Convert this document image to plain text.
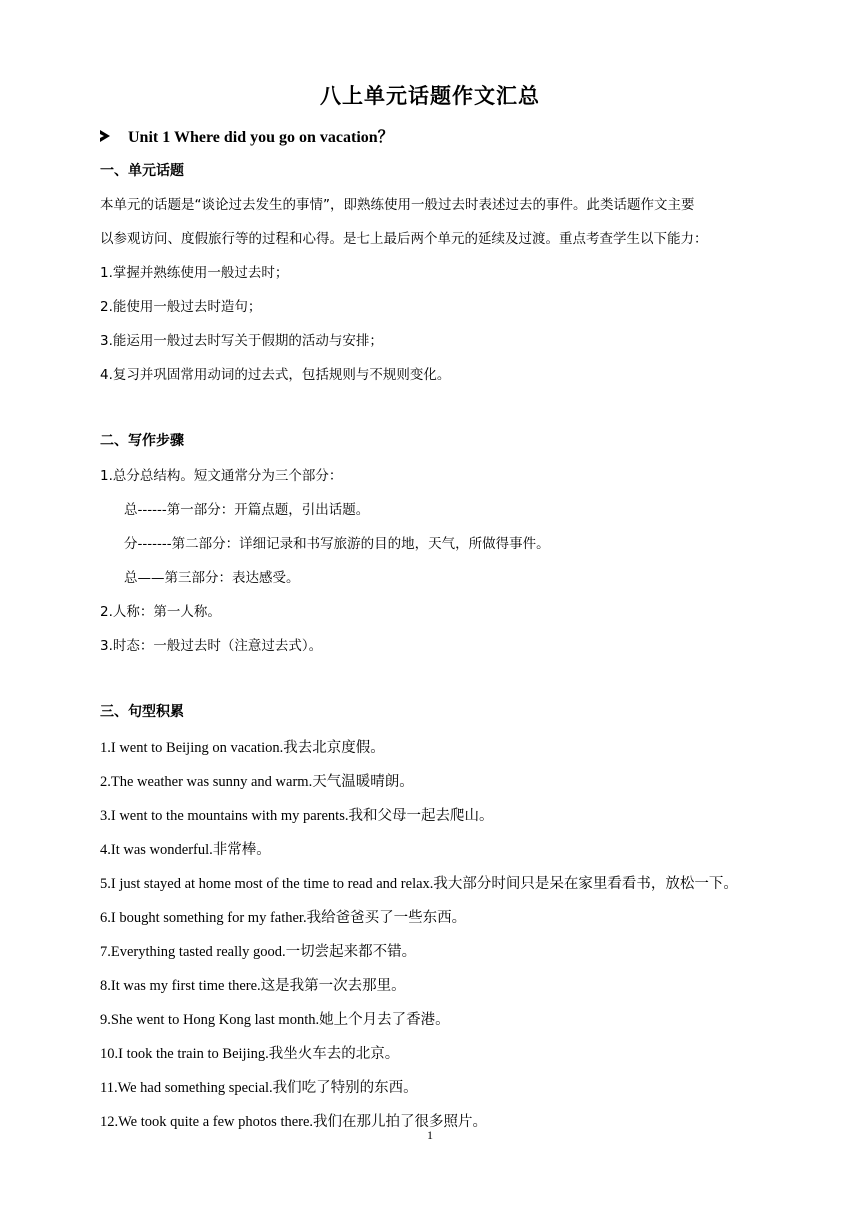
八上单元话题作文汇总
Unit 1 Where did you go on vacation？
一、单元话题
本单元的话题是“谈论过去发生的事情”，即熟练使用一般过去时表述过去的事件。此类话题作文主要
以参观访问、度假旅行等的过程和心得。是七上最后两个单元的延续及过渡。重点考查学生以下能力：
1.掌握并熟练使用一般过去时；
2.能使用一般过去时造句；
3.能运用一般过去时写关于假期的活动与安排；
4.复习并巩固常用动词的过去式，包括规则与不规则变化。
二、写作步骤
1.总分总结构。短文通常分为三个部分：
总------第一部分：开篇点题，引出话题。
分-------第二部分：详细记录和书写旅游的目的地，天气，所做得事件。
总——第三部分：表达感受。
2.人称：第一人称。
3.时态：一般过去时（注意过去式）。
三、句型积累
1.I went to Beijing on vacation.我去北京度假。
2.The weather was sunny and warm.天气温暖晴朗。
3.I went to the mountains with my parents.我和父母一起去爬山。
4.It was wonderful.非常棒。
5.I just stayed at home most of the time to read and relax.我大部分时间只是呆在家里看看书，放松一下。
6.I bought something for my father.我给爸爸买了一些东西。
7.Everything tasted really good.一切尝起来都不错。
8.It was my first time there.这是我第一次去那里。
9.She went to Hong Kong last month.她上个月去了香港。
10.I took the train to Beijing.我坐火车去的北京。
11.We had something special.我们吃了特别的东西。
12.We took quite a few photos there.我们在那儿拍了很多照片。
1
